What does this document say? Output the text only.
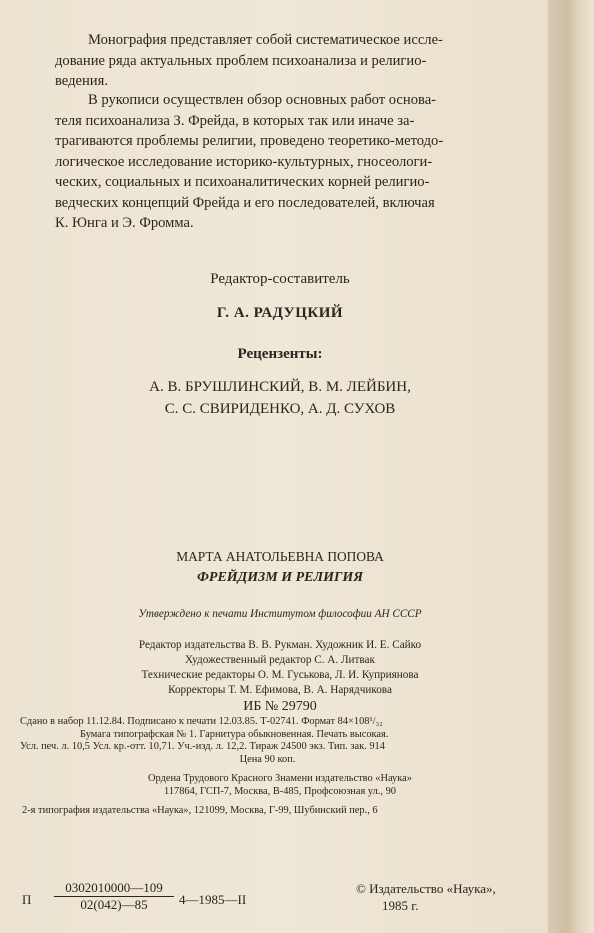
Монография представляет собой систематическое иссле-
дование ряда актуальных проблем психоанализа и религио-
ведения.
В рукописи осуществлен обзор основных работ основа-
теля психоанализа З. Фрейда, в которых так или иначе за-
трагиваются проблемы религии, проведено теоретико-методо-
логическое исследование историко-культурных, гносеологи-
ческих, социальных и психоаналитических корней религио-
ведческих концепций Фрейда и его последователей, включая
К. Юнга и Э. Фромма.
Редактор-составитель
Г. А. РАДУЦКИЙ
Рецензенты:
А. В. БРУШЛИНСКИЙ, В. М. ЛЕЙБИН,
С. С. СВИРИДЕНКО, А. Д. СУХОВ
МАРТА АНАТОЛЬЕВНА ПОПОВА
ФРЕЙДИЗМ И РЕЛИГИЯ
Утверждено к печати Институтом философии АН СССР
Редактор издательства В. В. Рукман. Художник И. Е. Сайко
Художественный редактор С. А. Литвак
Технические редакторы О. М. Гуськова, Л. И. Куприянова
Корректоры Т. М. Ефимова, В. А. Нарядчикова
ИБ № 29790
Сдано в набор 11.12.84. Подписано к печати 12.03.85. Т-02741. Формат 84×108¹/₃₂
Бумага типографская № 1. Гарнитура обыкновенная. Печать высокая.
Усл. печ. л. 10,5 Усл. кр.-отт. 10,71. Уч.-изд. л. 12,2. Тираж 24500 экз. Тип. зак. 914
Цена 90 коп.
Ордена Трудового Красного Знамени издательство «Наука»
117864, ГСП-7, Москва, В-485, Профсоюзная ул., 90
2-я типография издательства «Наука», 121099, Москва, Г-99, Шубинский пер., 6
П $\frac{0302010000—109}{02(042)—85}$ 4—1985—II
© Издательство «Наука»,
1985 г.
